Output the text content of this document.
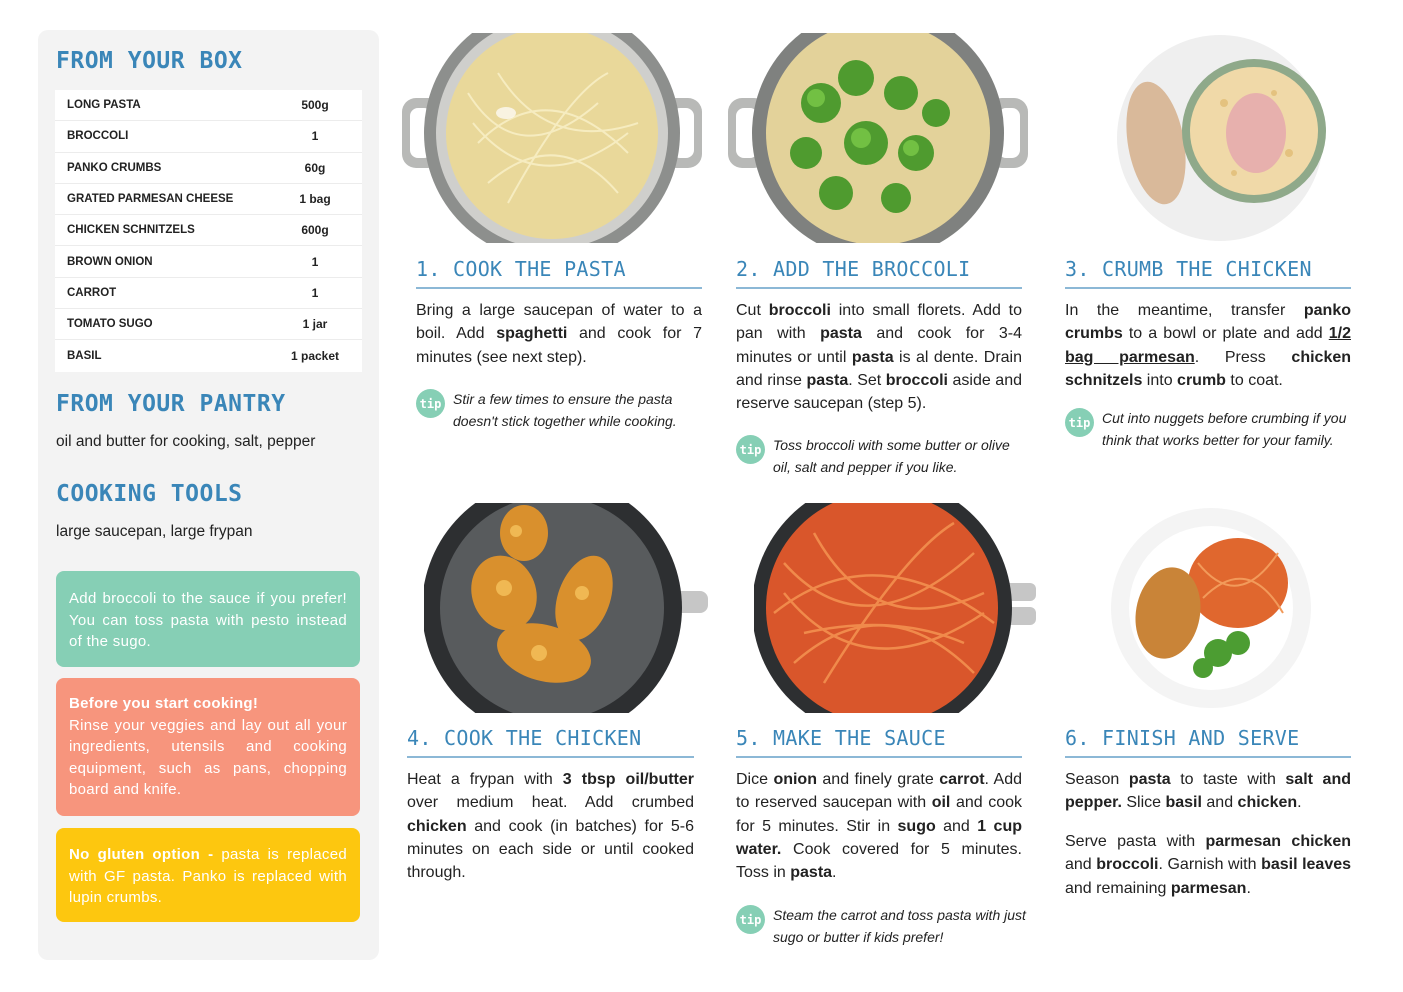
FROM YOUR BOX
LONG PASTA	500g
BROCCOLI	1
PANKO CRUMBS	60g
GRATED PARMESAN CHEESE	1 bag
CHICKEN SCHNITZELS	600g
BROWN ONION	1
CARROT	1
TOMATO SUGO	1 jar
BASIL	1 packet
FROM YOUR PANTRY
oil and butter for cooking, salt, pepper
COOKING TOOLS
large saucepan, large frypan
Add broccoli to the sauce if you prefer! You can toss pasta with pesto instead of the sugo.
Before you start cooking!
Rinse your veggies and lay out all your ingredients, utensils and cooking equipment, such as pans, chopping board and knife.
No gluten option - pasta is replaced with GF pasta. Panko is replaced with lupin crumbs.
1. COOK THE PASTA	2. ADD THE BROCCOLI	3. CRUMB THE CHICKEN
4. COOK THE CHICKEN	5. MAKE THE SAUCE	6. FINISH AND SERVE
Bring a large saucepan of water to a boil. Add spaghetti and cook for 7 minutes (see next step).
Cut broccoli into small florets. Add to pan with pasta and cook for 3-4 minutes or until pasta is al dente. Drain and rinse pasta. Set broccoli aside and reserve saucepan (step 5).
In the meantime, transfer panko crumbs to a bowl or plate and add 1/2 bag parmesan. Press chicken schnitzels into crumb to coat.
Heat a frypan with 3 tbsp oil/butter over medium heat. Add crumbed chicken and cook (in batches) for 5-6 minutes on each side or until cooked through.
Dice onion and finely grate carrot. Add to reserved saucepan with oil and cook for 5 minutes. Stir in sugo and 1 cup water. Cook covered for 5 minutes. Toss in pasta.
Season pasta to taste with salt and pepper. Slice basil and chicken.
Serve pasta with parmesan chicken and broccoli. Garnish with basil leaves and remaining parmesan.
tip Stir a few times to ensure the pasta doesn't stick together while cooking.
tip Toss broccoli with some butter or olive oil, salt and pepper if you like.
tip Cut into nuggets before crumbing if you think that works better for your family.
tip Steam the carrot and toss pasta with just sugo or butter if kids prefer!
